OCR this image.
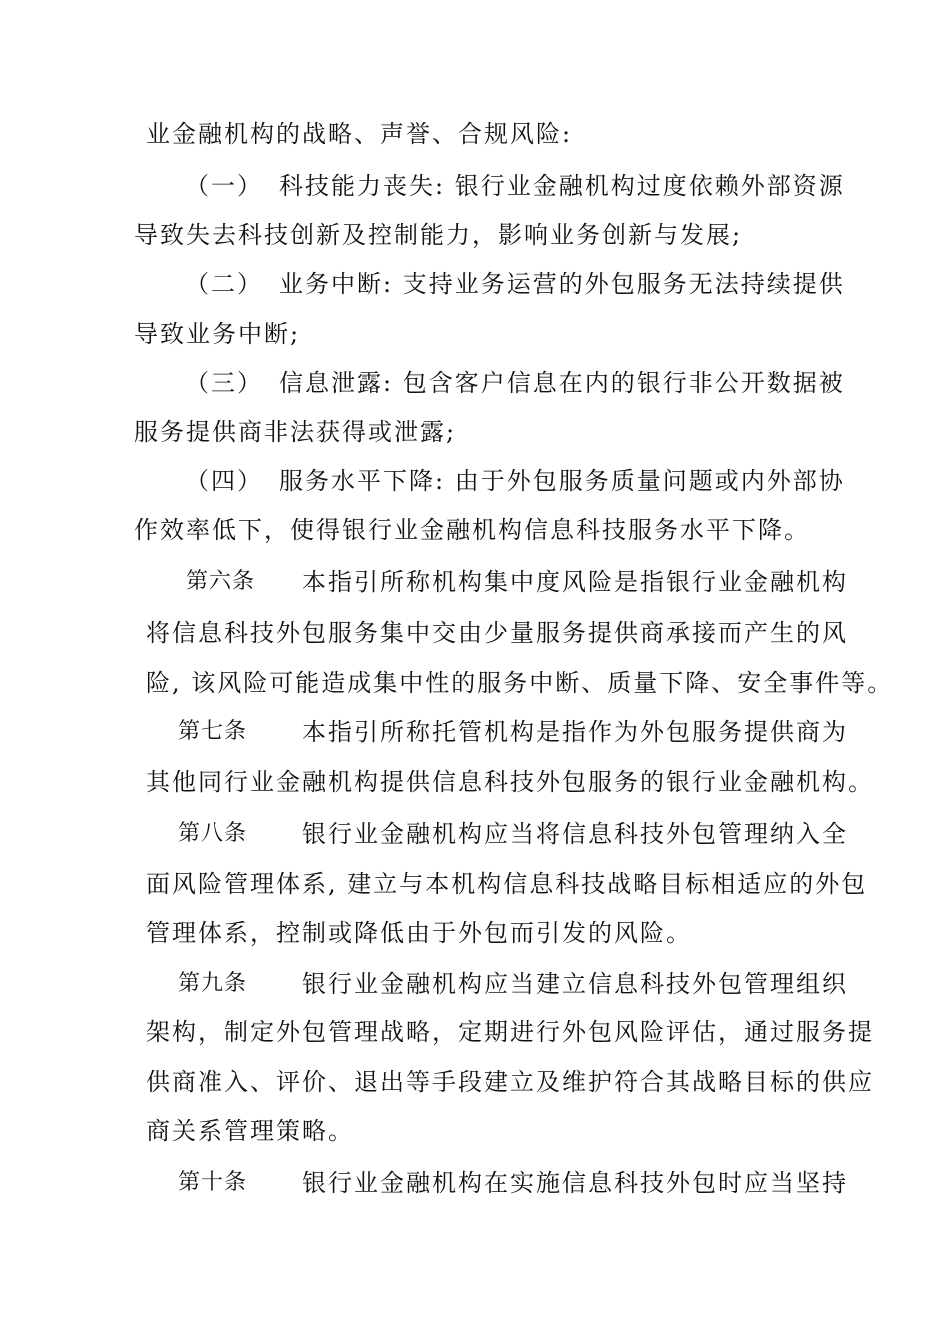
业金融机构的战略、声誉、合规风险:
（一） 科技能力丧失: 银行业金融机构过度依赖外部资源
导致失去科技创新及控制能力，影响业务创新与发展;
（二） 业务中断: 支持业务运营的外包服务无法持续提供
导致业务中断;
（三） 信息泄露: 包含客户信息在内的银行非公开数据被
服务提供商非法获得或泄露;
（四） 服务水平下降: 由于外包服务质量问题或内外部协
作效率低下，使得银行业金融机构信息科技服务水平下降。
第六条 本指引所称机构集中度风险是指银行业金融机构
将信息科技外包服务集中交由少量服务提供商承接而产生的风
险, 该风险可能造成集中性的服务中断、质量下降、安全事件等。
第七条 本指引所称托管机构是指作为外包服务提供商为
其他同行业金融机构提供信息科技外包服务的银行业金融机构。
第八条 银行业金融机构应当将信息科技外包管理纳入全
面风险管理体系, 建立与本机构信息科技战略目标相适应的外包
管理体系，控制或降低由于外包而引发的风险。
第九条 银行业金融机构应当建立信息科技外包管理组织
架构，制定外包管理战略，定期进行外包风险评估，通过服务提
供商准入、评价、退出等手段建立及维护符合其战略目标的供应
商关系管理策略。
第十条 银行业金融机构在实施信息科技外包时应当坚持
